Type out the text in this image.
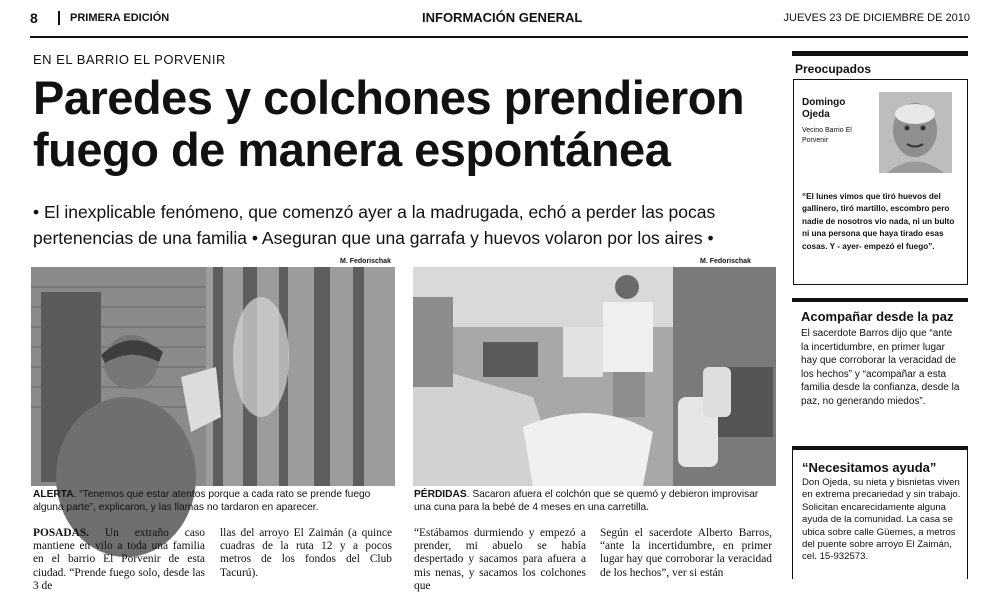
8	PRIMERA EDICIÓN	INFORMACIÓN GENERAL	JUEVES 23 DE DICIEMBRE DE 2010
EN EL BARRIO EL PORVENIR
Paredes y colchones prendieron fuego de manera espontánea

• El inexplicable fenómeno, que comenzó ayer a la madrugada, echó a perder las pocas pertenencias de una familia • Aseguran que una garrafa y huevos volaron por los aires •

M. Fedorischak	M. Fedorischak

ALERTA. “Tenemos que estar atentos porque a cada rato se prende fuego alguna parte”, explicaron, y las llamas no tardaron en aparecer.

PÉRDIDAS. Sacaron afuera el colchón que se quemó y debieron improvisar una cuna para la bebé de 4 meses en una carretilla.

POSADAS. Un extraño caso mantiene en vilo a toda una familia en el barrio El Porvenir de esta ciudad. “Prende fuego solo, desde las 3 de

llas del arroyo El Zaimán (a quince cuadras de la ruta 12 y a pocos metros de los fondos del Club Tacurú).

“Estábamos durmiendo y empezó a prender, mi abuelo se había despertado y sacamos para afuera a mis nenas, y sacamos los colchones que

Según el sacerdote Alberto Barros, “ante la incertidumbre, en primer lugar hay que corroborar la veracidad de los hechos”, ver si están

Preocupados
Domingo Ojeda
Vecino Barrio El Porvenir

“El lunes vimos que tiró huevos del gallinero, tiró martillo, escombro pero nadie de nosotros vio nada, ni un bulto ni una persona que haya tirado esas cosas. Y - ayer- empezó el fuego”.

Acompañar desde la paz

El sacerdote Barros dijo que “ante la incertidumbre, en primer lugar hay que corroborar la veracidad de los hechos” y “acompañar a esta familia desde la confianza, desde la paz, no generando miedos”.

“Necesitamos ayuda”

Don Ojeda, su nieta y bisnietas viven en extrema precariedad y sin trabajo. Solicitan encarecidamente alguna ayuda de la comunidad. La casa se ubica sobre calle Güemes, a metros del puente sobre arroyo El Zaimán, cel. 15-932573.
